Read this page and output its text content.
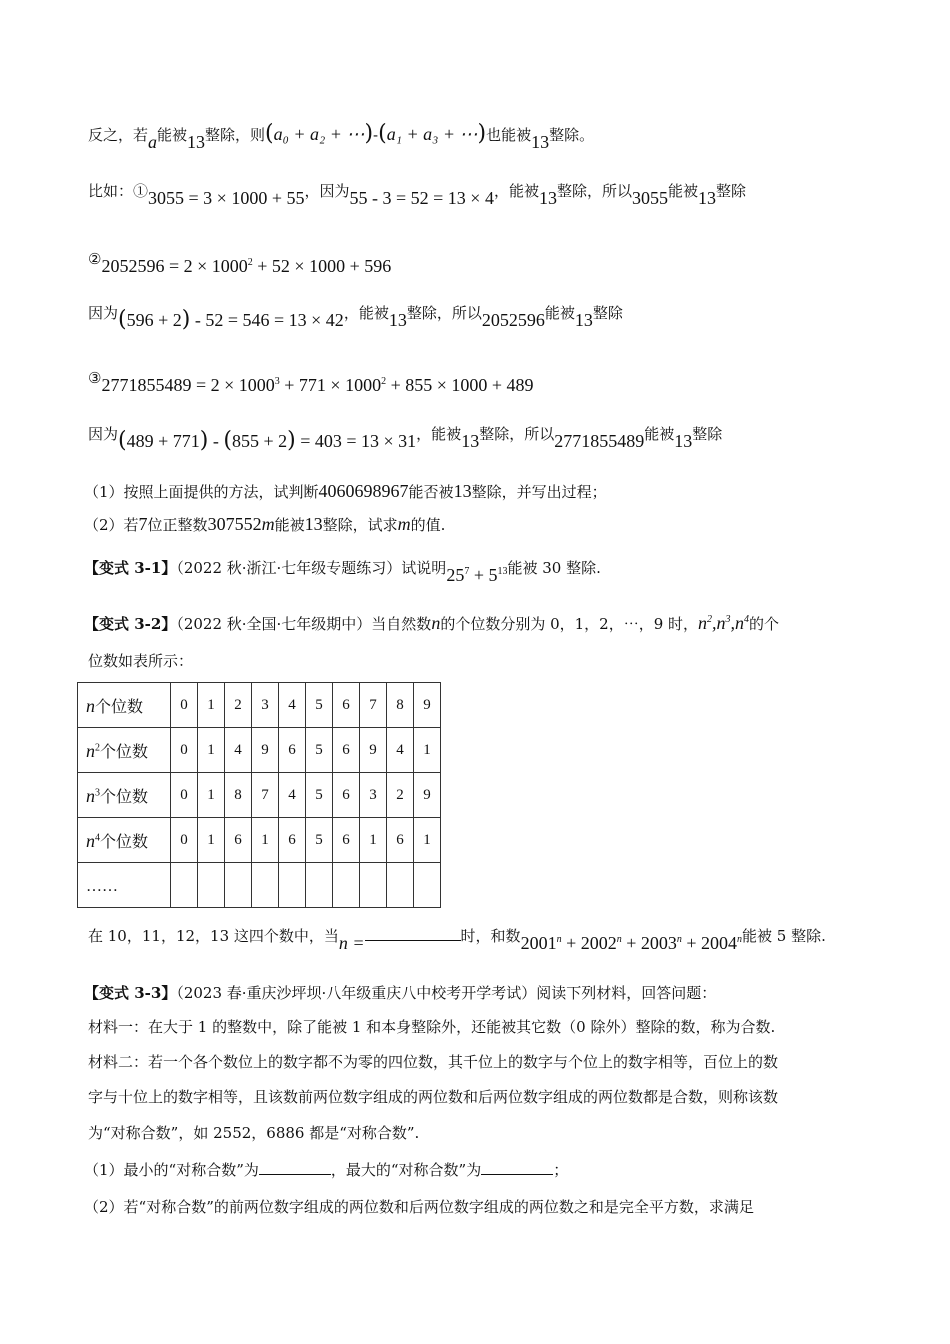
反之，若a能被13整除，则(a₀ + a₂ + ⋯)-(a₁ + a₃ + ⋯)也能被13整除。
比如：①3055 = 3 × 1000 + 55，因为55 - 3 = 52 = 13 × 4，能被13整除，所以3055能被13整除
②2052596 = $2 \times 1000^2 + 52 \times 1000 + 596$
因为(596 + 2) - 52 = 546 = 13 × 42，能被13整除，所以2052596能被13整除
③2771855489 = $2 \times 1000^3 + 771 \times 1000^2 + 855 \times 1000 + 489$
因为(489 + 771) - (855 + 2) = 403 = 13 × 31，能被13整除，所以2771855489能被13整除
（1）按照上面提供的方法，试判断4060698967能否被13整除，并写出过程；
（2）若7位正整数307552m能被13整除，试求m的值.
【变式 3-1】（2022 秋·浙江·七年级专题练习）试说明$25^7 + 5^{13}$能被 30 整除.
【变式 3-2】（2022 秋·全国·七年级期中）当自然数n的个位数分别为 0，1，2，⋯，9 时，$n^2,n^3,n^4$的个
位数如表所示：
n个位数	0	1	2	3	4	5	6	7	8	9
$n^2$个位数	0	1	4	9	6	5	6	9	4	1
$n^3$个位数	0	1	8	7	4	5	6	3	2	9
$n^4$个位数	0	1	6	1	6	5	6	1	6	1
……										
在 10，11，12，13 这四个数中，当n =	时，和数$2001^n + 2002^n + 2003^n + 2004^n$能被 5 整除.
【变式 3-3】（2023 春·重庆沙坪坝·八年级重庆八中校考开学考试）阅读下列材料，回答问题：
材料一：在大于 1 的整数中，除了能被 1 和本身整除外，还能被其它数（0 除外）整除的数，称为合数.
材料二：若一个各个数位上的数字都不为零的四位数，其千位上的数字与个位上的数字相等，百位上的数
字与十位上的数字相等，且该数前两位数字组成的两位数和后两位数字组成的两位数都是合数，则称该数
为“对称合数”，如 2552，6886 都是“对称合数”.
（1）最小的“对称合数”为	，最大的“对称合数”为	；
（2）若“对称合数”的前两位数字组成的两位数和后两位数字组成的两位数之和是完全平方数，求满足
